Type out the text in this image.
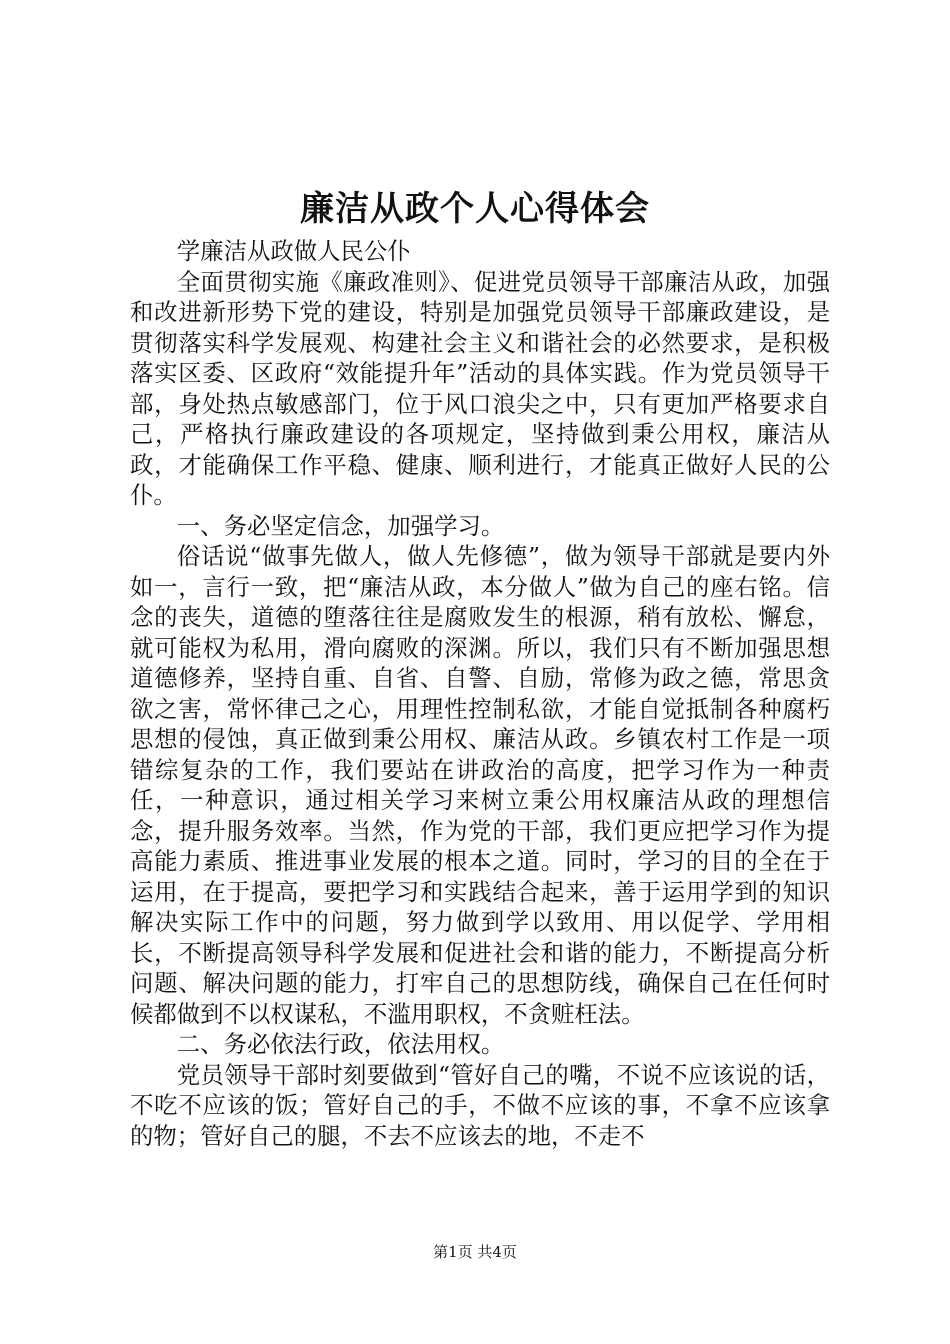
廉洁从政个人心得体会

学廉洁从政做人民公仆

全面贯彻实施《廉政准则》、促进党员领导干部廉洁从政，加强和改进新形势下党的建设，特别是加强党员领导干部廉政建设，是贯彻落实科学发展观、构建社会主义和谐社会的必然要求，是积极落实区委、区政府“效能提升年”活动的具体实践。作为党员领导干部，身处热点敏感部门，位于风口浪尖之中，只有更加严格要求自己，严格执行廉政建设的各项规定，坚持做到秉公用权，廉洁从政，才能确保工作平稳、健康、顺利进行，才能真正做好人民的公仆。

一、务必坚定信念，加强学习。

俗话说“做事先做人，做人先修德”，做为领导干部就是要内外如一，言行一致，把“廉洁从政，本分做人”做为自己的座右铭。信念的丧失，道德的堕落往往是腐败发生的根源，稍有放松、懈怠，就可能权为私用，滑向腐败的深渊。所以，我们只有不断加强思想道德修养，坚持自重、自省、自警、自励，常修为政之德，常思贪欲之害，常怀律己之心，用理性控制私欲，才能自觉抵制各种腐朽思想的侵蚀，真正做到秉公用权、廉洁从政。乡镇农村工作是一项错综复杂的工作，我们要站在讲政治的高度，把学习作为一种责任，一种意识，通过相关学习来树立秉公用权廉洁从政的理想信念，提升服务效率。当然，作为党的干部，我们更应把学习作为提高能力素质、推进事业发展的根本之道。同时，学习的目的全在于运用，在于提高，要把学习和实践结合起来，善于运用学到的知识解决实际工作中的问题，努力做到学以致用、用以促学、学用相长，不断提高领导科学发展和促进社会和谐的能力，不断提高分析问题、解决问题的能力，打牢自己的思想防线，确保自己在任何时候都做到不以权谋私，不滥用职权，不贪赃枉法。

二、务必依法行政，依法用权。

党员领导干部时刻要做到“管好自己的嘴，不说不应该说的话，不吃不应该的饭；管好自己的手，不做不应该的事，不拿不应该拿的物；管好自己的腿，不去不应该去的地，不走不

第1页 共4页
